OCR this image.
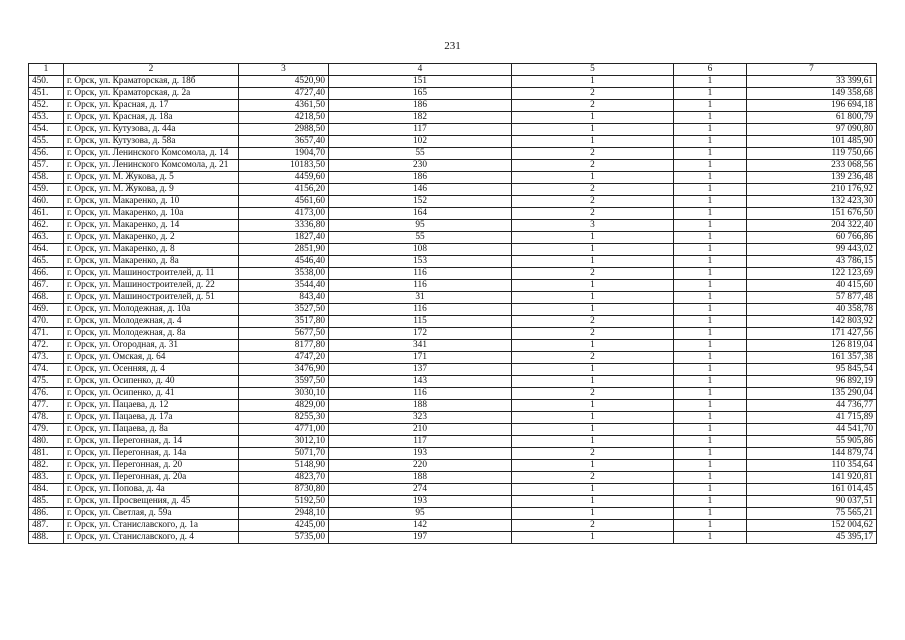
231
1	2	3	4	5	6	7
450.	г. Орск, ул. Краматорская, д. 18б	4520,90	151	1	1	33 399,61
451.	г. Орск, ул. Краматорская, д. 2а	4727,40	165	2	1	149 358,68
452.	г. Орск, ул. Красная, д. 17	4361,50	186	2	1	196 694,18
453.	г. Орск, ул. Красная, д. 18а	4218,50	182	1	1	61 800,79
454.	г. Орск, ул. Кутузова, д. 44а	2988,50	117	1	1	97 090,80
455.	г. Орск, ул. Кутузова, д. 58а	3657,40	102	1	1	101 485,90
456.	г. Орск, ул. Ленинского Комсомола, д. 14	1904,70	55	2	1	119 750,66
457.	г. Орск, ул. Ленинского Комсомола, д. 21	10183,50	230	2	1	233 068,56
458.	г. Орск, ул. М. Жукова, д. 5	4459,60	186	1	1	139 236,48
459.	г. Орск, ул. М. Жукова, д. 9	4156,20	146	2	1	210 176,92
460.	г. Орск, ул. Макаренко, д. 10	4561,60	152	2	1	132 423,30
461.	г. Орск, ул. Макаренко, д. 10а	4173,00	164	2	1	151 676,50
462.	г. Орск, ул. Макаренко, д. 14	3336,80	95	3	1	204 322,40
463.	г. Орск, ул. Макаренко, д. 2	1827,40	55	1	1	60 766,86
464.	г. Орск, ул. Макаренко, д. 8	2851,90	108	1	1	99 443,02
465.	г. Орск, ул. Макаренко, д. 8а	4546,40	153	1	1	43 786,15
466.	г. Орск, ул. Машиностроителей, д. 11	3538,00	116	2	1	122 123,69
467.	г. Орск, ул. Машиностроителей, д. 22	3544,40	116	1	1	40 415,60
468.	г. Орск, ул. Машиностроителей, д. 51	843,40	31	1	1	57 877,48
469.	г. Орск, ул. Молодежная, д. 10а	3527,50	116	1	1	40 358,78
470.	г. Орск, ул. Молодежная, д. 4	3517,80	115	2	1	142 803,92
471.	г. Орск, ул. Молодежная, д. 8а	5677,50	172	2	1	171 427,56
472.	г. Орск, ул. Огородная, д. 31	8177,80	341	1	1	126 819,04
473.	г. Орск, ул. Омская, д. 64	4747,20	171	2	1	161 357,38
474.	г. Орск, ул. Осенняя, д. 4	3476,90	137	1	1	95 845,54
475.	г. Орск, ул. Осипенко, д. 40	3597,50	143	1	1	96 892,19
476.	г. Орск, ул. Осипенко, д. 41	3030,10	116	2	1	135 290,04
477.	г. Орск, ул. Пацаева, д. 12	4829,00	188	1	1	44 736,77
478.	г. Орск, ул. Пацаева, д. 17а	8255,30	323	1	1	41 715,89
479.	г. Орск, ул. Пацаева, д. 8а	4771,00	210	1	1	44 541,70
480.	г. Орск, ул. Перегонная, д. 14	3012,10	117	1	1	55 905,86
481.	г. Орск, ул. Перегонная, д. 14а	5071,70	193	2	1	144 879,74
482.	г. Орск, ул. Перегонная, д. 20	5148,90	220	1	1	110 354,64
483.	г. Орск, ул. Перегонная, д. 20а	4823,70	188	2	1	141 920,81
484.	г. Орск, ул. Попова, д. 4а	8730,80	274	1	1	161 014,45
485.	г. Орск, ул. Просвещения, д. 45	5192,50	193	1	1	90 037,51
486.	г. Орск, ул. Светлая, д. 59а	2948,10	95	1	1	75 565,21
487.	г. Орск, ул. Станиславского, д. 1а	4245,00	142	2	1	152 004,62
488.	г. Орск, ул. Станиславского, д. 4	5735,00	197	1	1	45 395,17
